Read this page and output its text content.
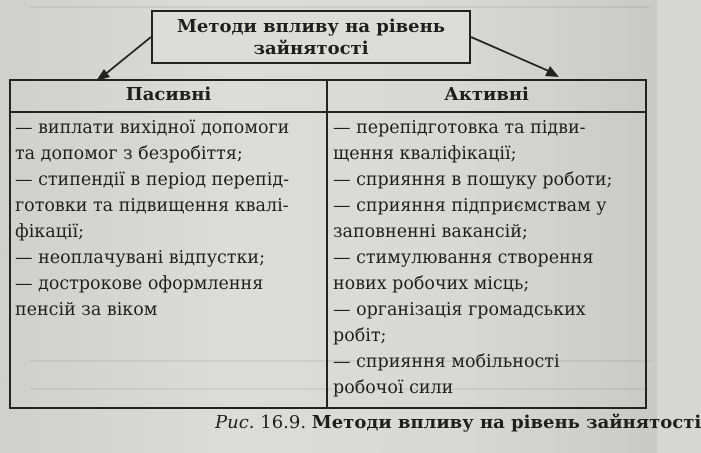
Методи впливу на рівень
зайнятості
Пасивні	Активні
— виплати вихідної допомоги
та допомог з безробіття;
— стипендії в період перепід-
готовки та підвищення квалі-
фікації;
— неоплачувані відпустки;
— дострокове оформлення
пенсій за віком
— перепідготовка та підви-
щення кваліфікації;
— сприяння в пошуку роботи;
— сприяння підприємствам у
заповненні вакансій;
— стимулювання створення
нових робочих місць;
— організація громадських
робіт;
— сприяння мобільності
робочої сили
Рис. 16.9. Методи впливу на рівень зайнятості
